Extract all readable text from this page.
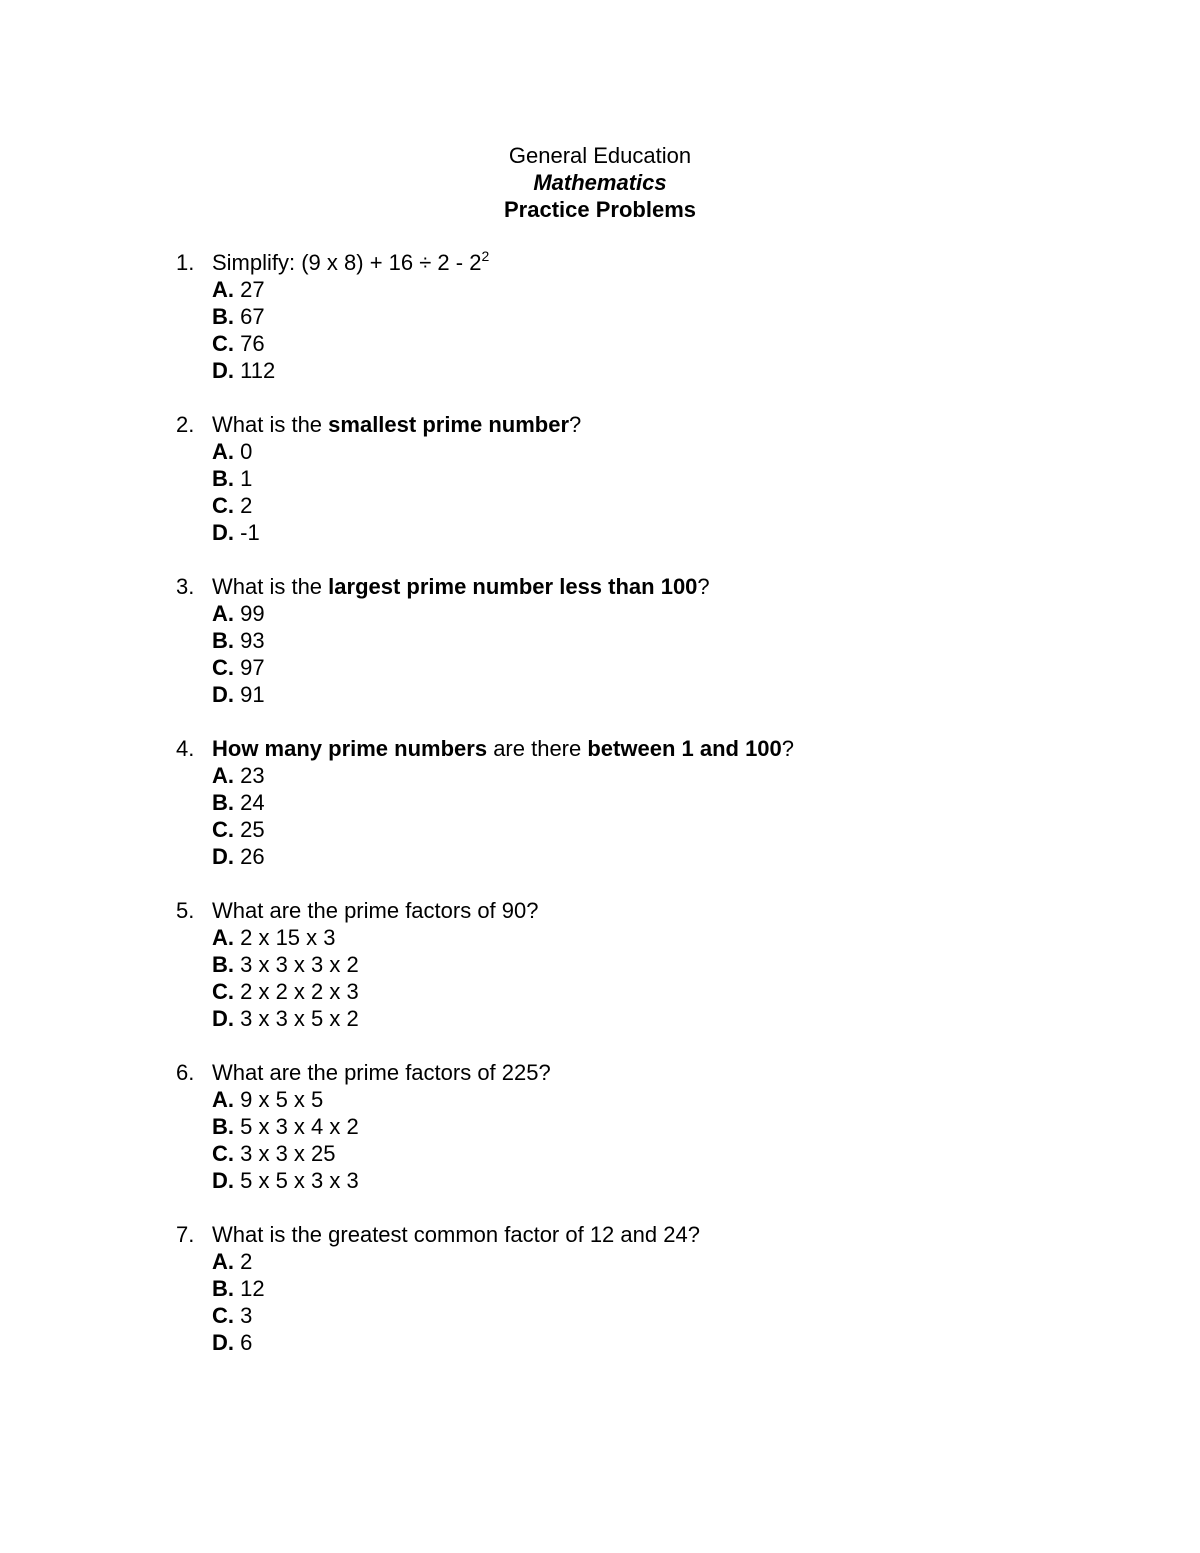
General Education
Mathematics
Practice Problems
1. Simplify: (9 x $8) + 16 \div 2 - 2^2$
A. 27
B. 67
C. 76
D. 112
2. What is the smallest prime number?
A. 0
B. 1
C. 2
D. -1
3. What is the largest prime number less than 100?
A. 99
B. 93
C. 97
D. 91
4. How many prime numbers are there between 1 and 100?
A. 23
B. 24
C. 25
D. 26
5. What are the prime factors of 90?
A. 2 x 15 x 3
B. 3 x 3 x 3 x 2
C. 2 x 2 x 2 x 3
D. 3 x 3 x 5 x 2
6. What are the prime factors of 225?
A. 9 x 5 x 5
B. 5 x 3 x 4 x 2
C. 3 x 3 x 25
D. 5 x 5 x 3 x 3
7. What is the greatest common factor of 12 and 24?
A. 2
B. 12
C. 3
D. 6
